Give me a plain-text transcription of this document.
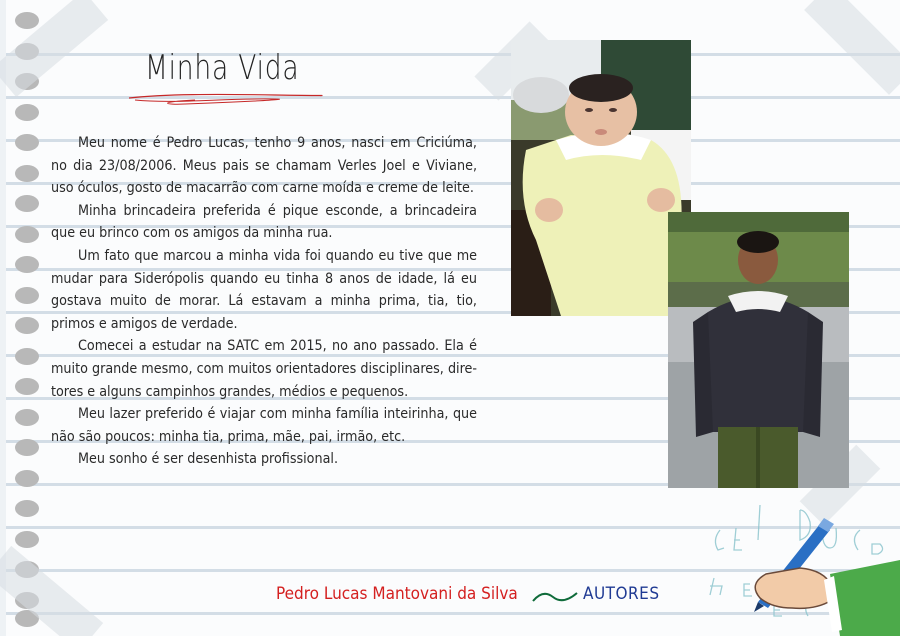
Minha Vida

Meu nome é Pedro Lucas, tenho 9 anos, nasci em Criciúma, no dia 23/08/2006. Meus pais se chamam Verles Joel e Viviane, uso óculos, gosto de macarrão com carne moída e creme de leite.

Minha brincadeira preferida é pique esconde, a brincadeira que eu brinco com os amigos da minha rua.

Um fato que marcou a minha vida foi quando eu tive que me mudar para Siderópolis quando eu tinha 8 anos de idade, lá eu gostava muito de morar. Lá estavam a minha prima, tia, tio, primos e amigos de verdade.

Comecei a estudar na SATC em 2015, no ano passado. Ela é muito grande mesmo, com muitos orientadores disciplinares, dire-tores e alguns campinhos grandes, médios e pequenos.

Meu lazer preferido é viajar com minha família inteirinha, que não são poucos: minha tia, prima, mãe, pai, irmão, etc.

Meu sonho é ser desenhista profissional.

Pedro Lucas Mantovani da Silva	AUTORES
